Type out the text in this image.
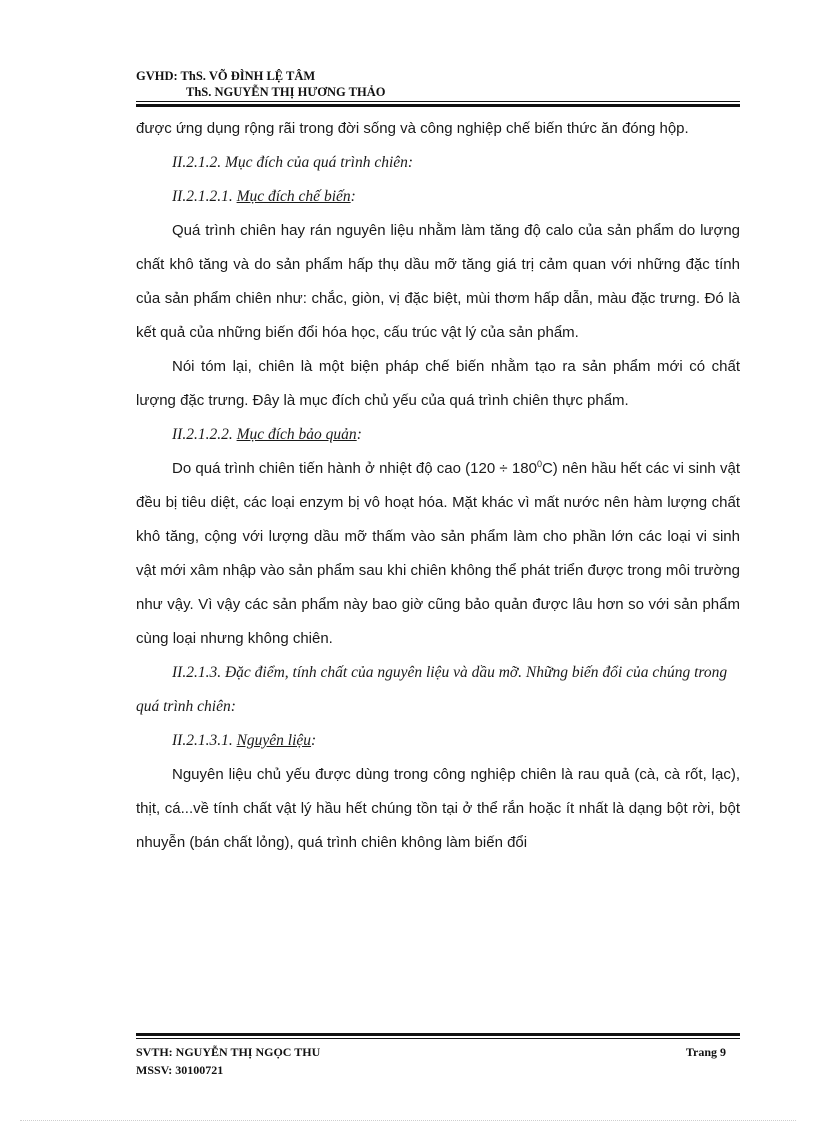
GVHD: ThS. VÕ ĐÌNH LỆ TÂM
ThS. NGUYỄN THỊ HƯƠNG THẢO

được ứng dụng rộng rãi trong đời sống và công nghiệp chế biến thức ăn đóng hộp.

II.2.1.2. Mục đích của quá trình chiên:

II.2.1.2.1. Mục đích chế biến:

Quá trình chiên hay rán nguyên liệu nhằm làm tăng độ calo của sản phẩm do lượng chất khô tăng và do sản phẩm hấp thụ dầu mỡ tăng giá trị cảm quan với những đặc tính của sản phẩm chiên như: chắc, giòn, vị đặc biệt, mùi thơm hấp dẫn, màu đặc trưng. Đó là kết quả của những biến đổi hóa học, cấu trúc vật lý của sản phẩm.

Nói tóm lại, chiên là một biện pháp chế biến nhằm tạo ra sản phẩm mới có chất lượng đặc trưng. Đây là mục đích chủ yếu của quá trình chiên thực phẩm.

II.2.1.2.2. Mục đích bảo quản:

Do quá trình chiên tiến hành ở nhiệt độ cao $(120 \div 180^0C)$ nên hầu hết các vi sinh vật đều bị tiêu diệt, các loại enzym bị vô hoạt hóa. Mặt khác vì mất nước nên hàm lượng chất khô tăng, cộng với lượng dầu mỡ thấm vào sản phẩm làm cho phần lớn các loại vi sinh vật mới xâm nhập vào sản phẩm sau khi chiên không thể phát triển được trong môi trường như vậy. Vì vậy các sản phẩm này bao giờ cũng bảo quản được lâu hơn so với sản phẩm cùng loại nhưng không chiên.

II.2.1.3. Đặc điểm, tính chất của nguyên liệu và dầu mỡ. Những biến đổi của chúng trong quá trình chiên:

II.2.1.3.1. Nguyên liệu:

Nguyên liệu chủ yếu được dùng trong công nghiệp chiên là rau quả (cà, cà rốt, lạc), thịt, cá...về tính chất vật lý hầu hết chúng tồn tại ở thể rắn hoặc ít nhất là dạng bột rời, bột nhuyễn (bán chất lỏng), quá trình chiên không làm biến đổi

SVTH: NGUYỄN THỊ NGỌC THU	Trang 9
MSSV: 30100721
